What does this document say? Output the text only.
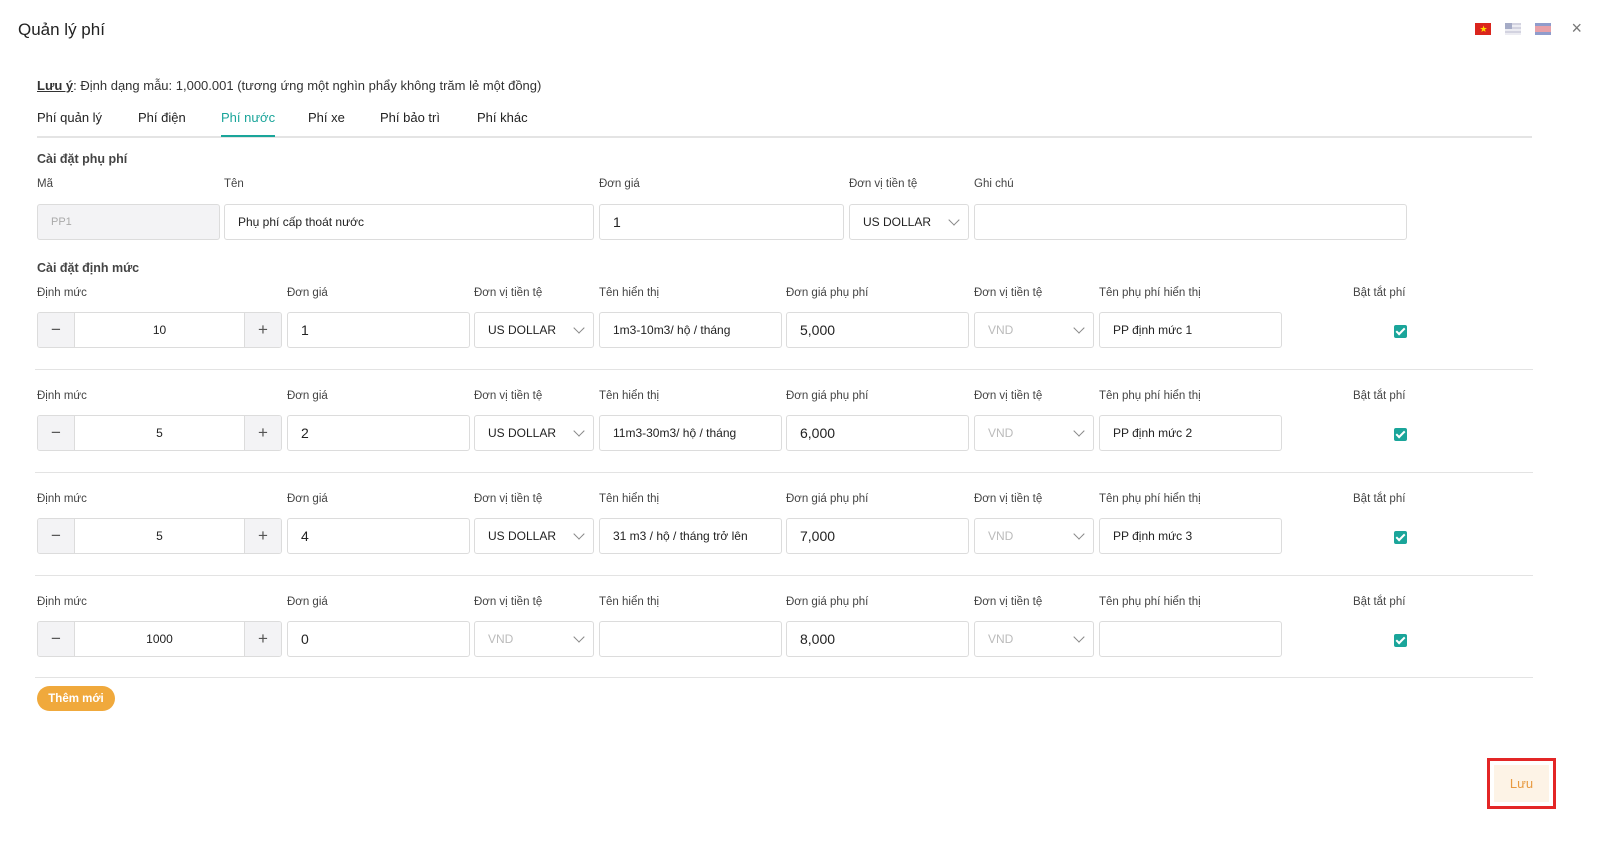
Quản lý phí
★	×
Lưu ý: Định dạng mẫu: 1,000.001 (tương ứng một nghìn phẩy không trăm lẻ một đồng)
Phí quản lý	Phí điện	Phí nước	Phí xe	Phí bảo trì	Phí khác
Cài đặt phụ phí
Mã	Tên	Đơn giá	Đơn vị tiền tệ	Ghi chú
PP1	Phụ phí cấp thoát nước	1	US DOLLAR
Cài đặt định mức
Định mức	Đơn giá	Đơn vị tiền tệ	Tên hiển thị	Đơn giá phụ phí	Đơn vị tiền tệ	Tên phụ phí hiển thị	Bật tắt phí
−	10	+	1	US DOLLAR	1m3-10m3/ hộ / tháng	5,000	VND	PP định mức 1
Định mức	Đơn giá	Đơn vị tiền tệ	Tên hiển thị	Đơn giá phụ phí	Đơn vị tiền tệ	Tên phụ phí hiển thị	Bật tắt phí
−	5	+	2	US DOLLAR	11m3-30m3/ hộ / tháng	6,000	VND	PP định mức 2
Định mức	Đơn giá	Đơn vị tiền tệ	Tên hiển thị	Đơn giá phụ phí	Đơn vị tiền tệ	Tên phụ phí hiển thị	Bật tắt phí
−	5	+	4	US DOLLAR	31 m3 / hộ / tháng trở lên	7,000	VND	PP định mức 3
Định mức	Đơn giá	Đơn vị tiền tệ	Tên hiển thị	Đơn giá phụ phí	Đơn vị tiền tệ	Tên phụ phí hiển thị	Bật tắt phí
−	1000	+	0	VND	8,000	VND
Thêm mới
Lưu
